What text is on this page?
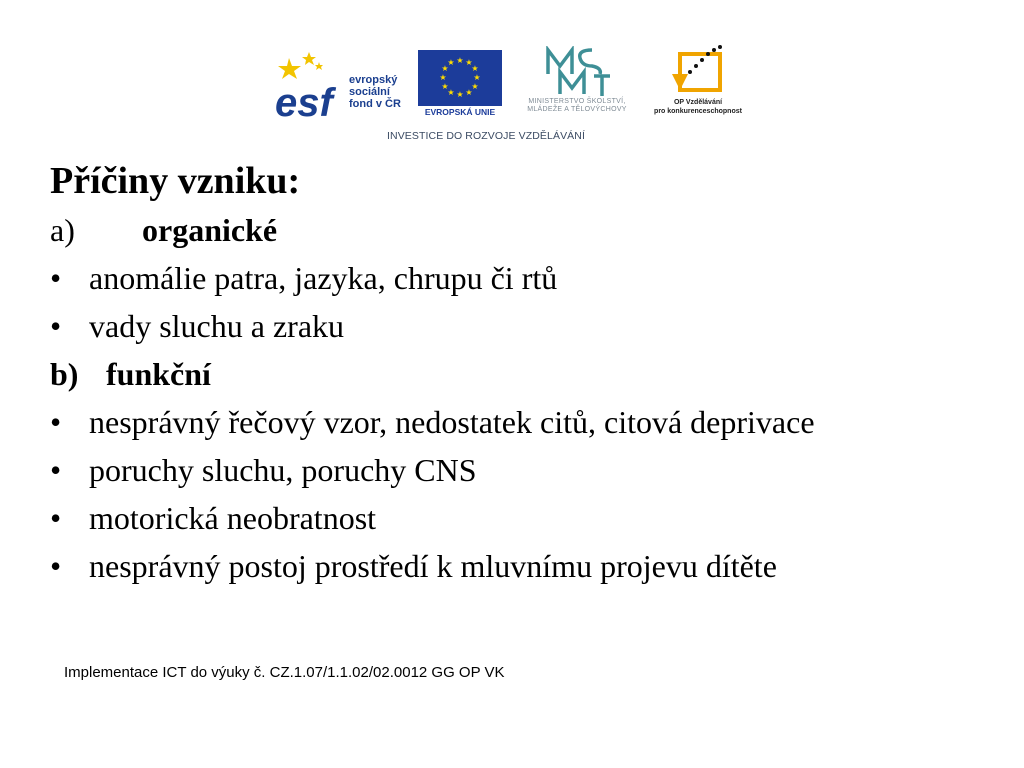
esf
evropský
sociální
fond v ČR
★ ★
★
★
★
★
★
★
★
★
★
★
EVROPSKÁ UNIE
MINISTERSTVO ŠKOLSTVÍ,
MLÁDEŽE A TĚLOVÝCHOVY
OP Vzdělávání
pro konkurenceschopnost
INVESTICE DO ROZVOJE VZDĚLÁVÁNÍ
Příčiny vzniku:
a) organické
• anomálie patra, jazyka, chrupu či rtů
• vady sluchu a zraku
b) funkční
• nesprávný řečový vzor, nedostatek citů, citová deprivace
• poruchy sluchu, poruchy CNS
• motorická neobratnost
• nesprávný postoj prostředí k mluvnímu projevu dítěte
Implementace ICT do výuky č. CZ.1.07/1.1.02/02.0012 GG OP VK
